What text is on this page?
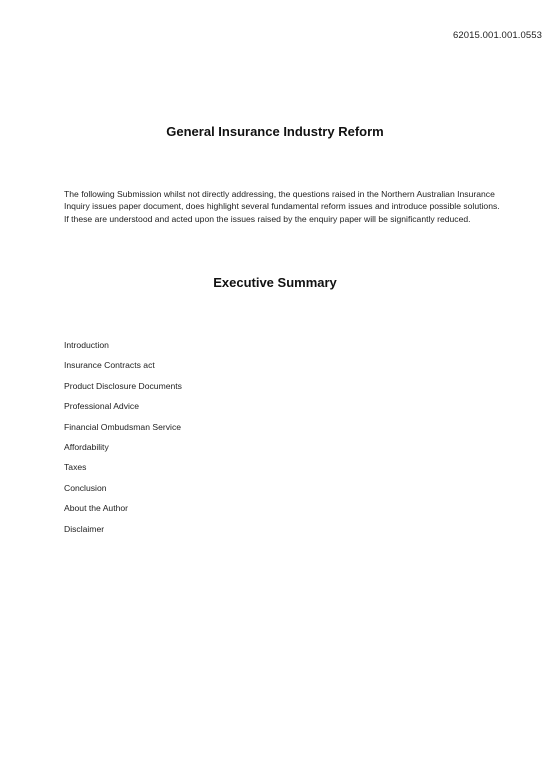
62015.001.001.0553
General Insurance Industry Reform

The following Submission whilst not directly addressing, the questions raised in the Northern Australian Insurance Inquiry issues paper document, does highlight several fundamental reform issues and introduce possible solutions. If these are understood and acted upon the issues raised by the enquiry paper will be significantly reduced.

Executive Summary
Introduction
Insurance Contracts act
Product Disclosure Documents
Professional Advice
Financial Ombudsman Service
Affordability
Taxes
Conclusion
About the Author
Disclaimer
